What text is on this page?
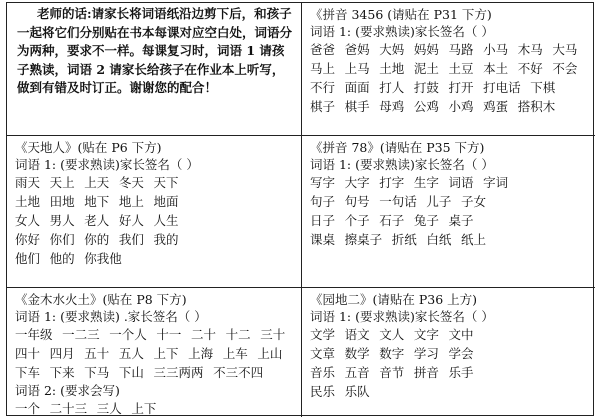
老师的话:请家长将词语纸沿边剪下后，和孩子一起将它们分别贴在书本每课对应空白处，词语分为两种，要求不一样。每课复习时，词语 1 请孩子熟读，词语 2 请家长给孩子在作业本上听写，做到有错及时订正。谢谢您的配合！
《拼音 3456 (请贴在 P31 下方)
词语 1: (要求熟读)家长签名（ ）
爸爸 爸妈 大妈 妈妈 马路 小马 木马 大马
马上 上马 土地 泥土 土豆 本土 不好 不会
不行 面面 打人 打鼓 打开 打电话 下棋
棋子 棋手 母鸡 公鸡 小鸡 鸡蛋 搭积木
《天地人》(贴在 P6 下方)
词语 1: (要求熟读)家长签名（ ）
雨天 天上 上天 冬天 天下
土地 田地 地下 地上 地面
女人 男人 老人 好人 人生
你好 你们 你的 我们 我的
他们 他的 你我他
《拼音 78》(请贴在 P35 下方)
词语 1: (要求熟读)家长签名（ ）
写字 大字 打字 生字 词语 字词
句子 句号 一句话 儿子 子女
日子 个子 石子 兔子 桌子
课桌 擦桌子 折纸 白纸 纸上
《金木水火土》(贴在 P8 下方)
词语 1: (要求熟读) .家长签名（ ）
一年级 一二三 一个人 十一 二十 十二 三十
四十 四月 五十 五人 上下 上海 上车 上山
下车 下来 下马 下山 三三两两 不三不四
词语 2: (要求会写)
一个 二十三 三人 上下
《园地二》(请贴在 P36 上方)
词语 1: (要求熟读)家长签名（ ）
文学 语文 文人 文字 文中
文章 数学 数字 学习 学会
音乐 五音 音节 拼音 乐手
民乐 乐队
